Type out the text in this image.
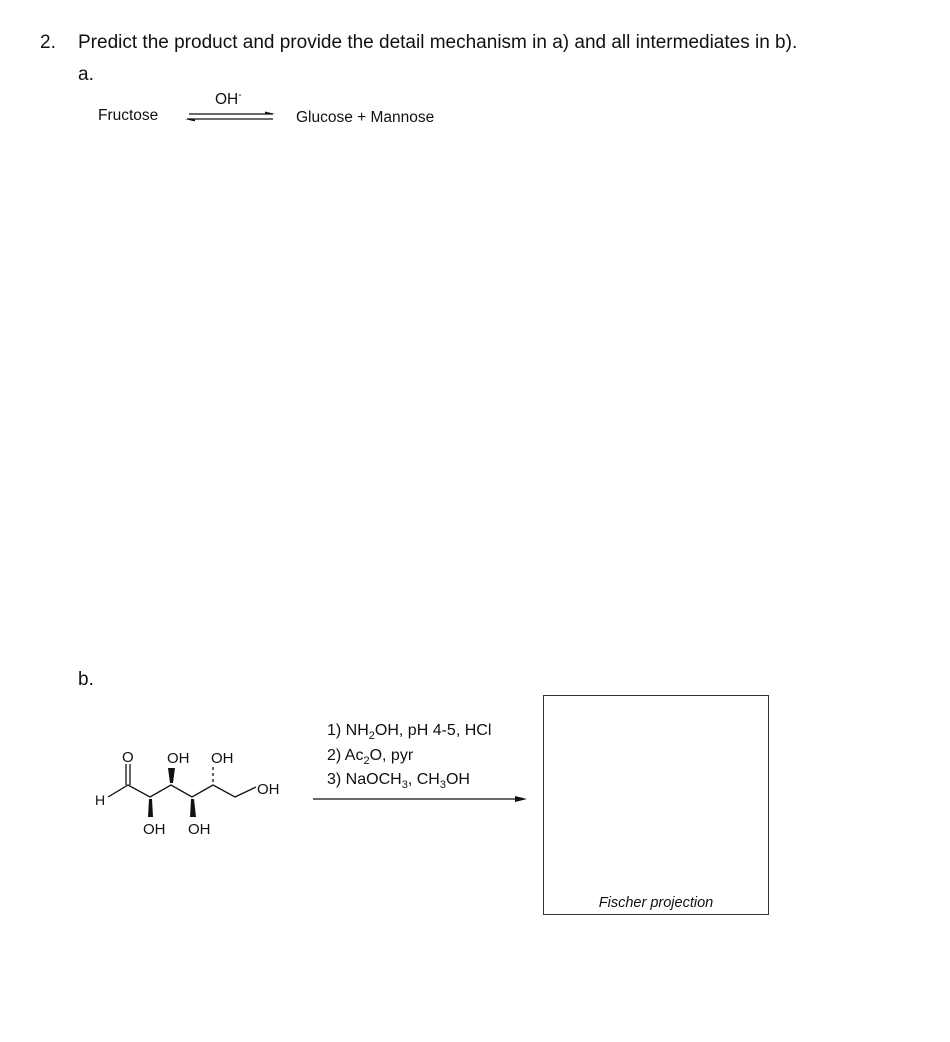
2. Predict the product and provide the detail mechanism in a) and all intermediates in b).
a.
Fructose
OH-
Glucose + Mannose
b.
O
H
OH OH
OH OH
OH
1) $NH_2OH$, pH 4-5, HCl
2) $Ac_2O$, pyr
3) NaOCH$_3$, $CH_3OH$
Fischer projection
